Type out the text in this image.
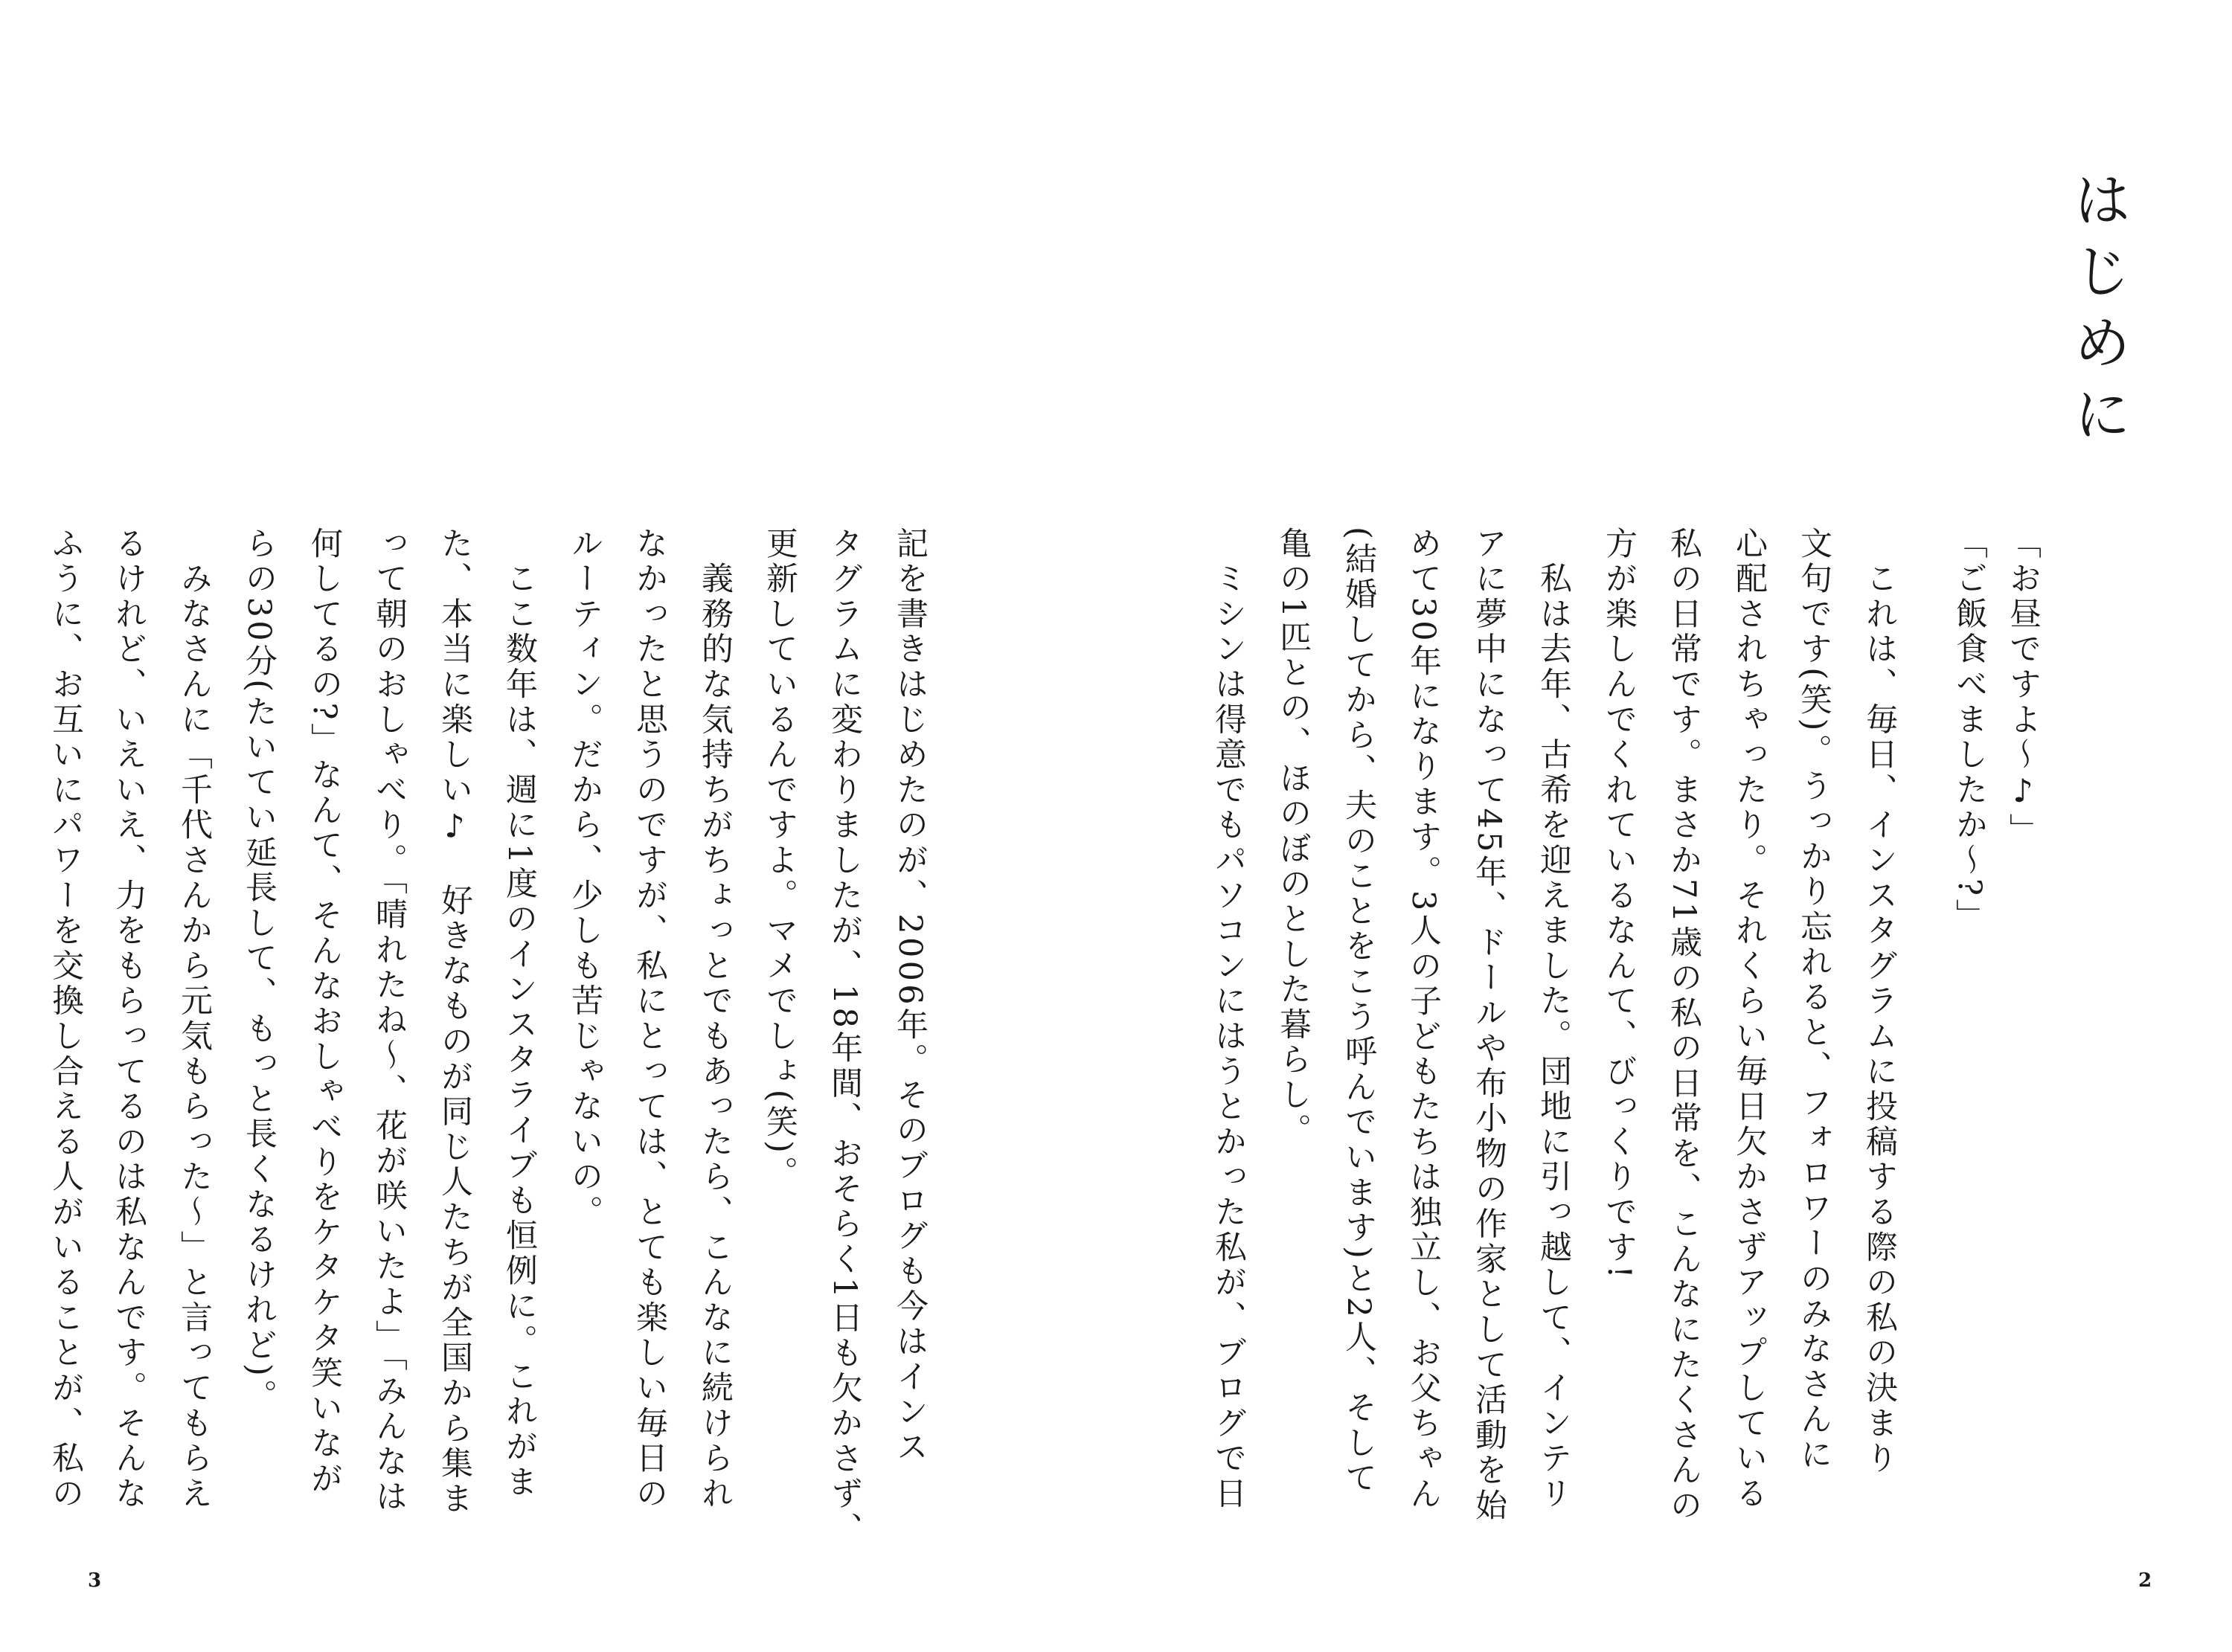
はじめに
「お昼ですよ〜♪」
「ご飯食べましたか〜?」
　これは、毎日、インスタグラムに投稿する際の私の決まり
文句です(笑)。うっかり忘れると、フォロワーのみなさんに
心配されちゃったり。それくらい毎日欠かさずアップしている
私の日常です。まさか71歳の私の日常を、こんなにたくさんの
方が楽しんでくれているなんて、びっくりです!
　私は去年、古希を迎えました。団地に引っ越して、インテリ
アに夢中になって45年、ドールや布小物の作家として活動を始
めて30年になります。3人の子どもたちは独立し、お父ちゃん
(結婚してから、夫のことをこう呼んでいます)と2人、そして
亀の1匹との、ほのぼのとした暮らし。
　ミシンは得意でもパソコンにはうとかった私が、ブログで日
2
記を書きはじめたのが、2006年。そのブログも今はインス
タグラムに変わりましたが、18年間、おそらく1日も欠かさず、
更新しているんですよ。マメでしょ(笑)。
　義務的な気持ちがちょっとでもあったら、こんなに続けられ
なかったと思うのですが、私にとっては、とても楽しい毎日の
ルーティン。だから、少しも苦じゃないの。
　ここ数年は、週に1度のインスタライブも恒例に。これがま
た、本当に楽しい♪　好きなものが同じ人たちが全国から集ま
って朝のおしゃべり。「晴れたね〜、花が咲いたよ」「みんなは
何してるの?」なんて、そんなおしゃべりをケタケタ笑いなが
らの30分(たいてい延長して、もっと長くなるけれど)。
　みなさんに「千代さんから元気もらった〜」と言ってもらえ
るけれど、いえいえ、力をもらってるのは私なんです。そんな
ふうに、お互いにパワーを交換し合える人がいることが、私の
3
